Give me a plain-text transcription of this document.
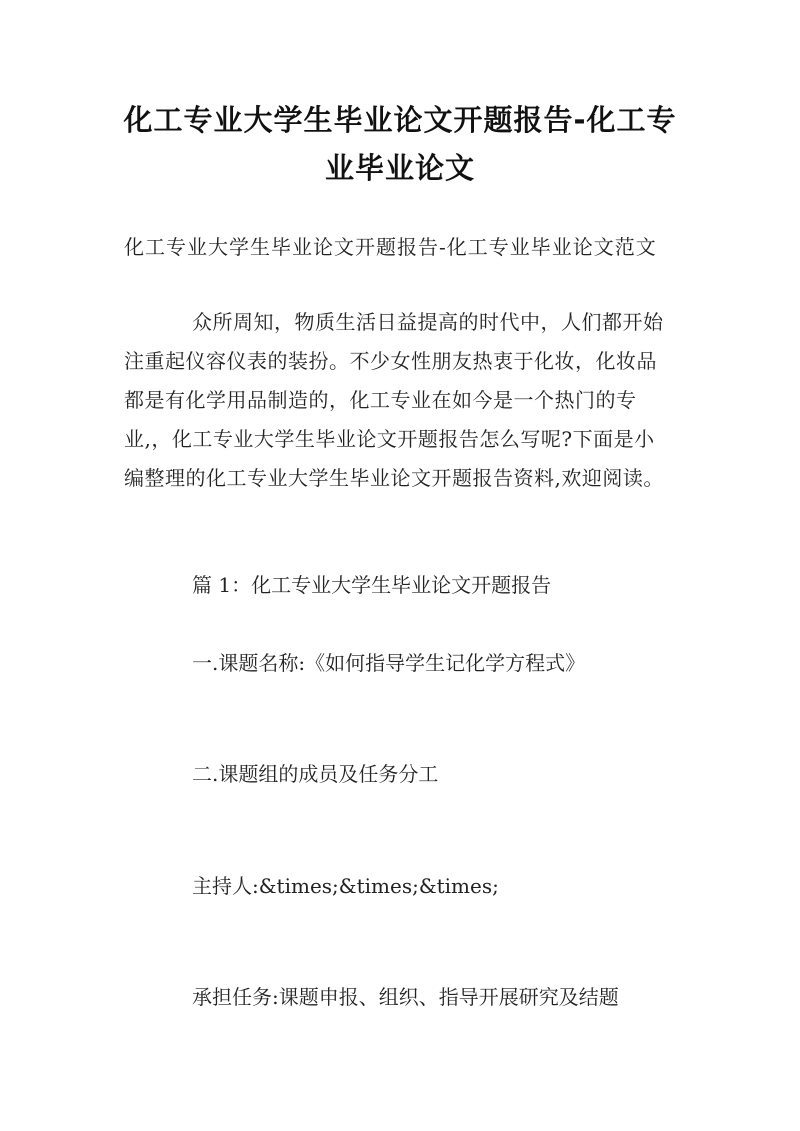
化工专业大学生毕业论文开题报告-化工专
业毕业论文

化工专业大学生毕业论文开题报告-化工专业毕业论文范文

众所周知，物质生活日益提高的时代中，人们都开始
注重起仪容仪表的装扮。不少女性朋友热衷于化妆，化妆品
都是有化学用品制造的，化工专业在如今是一个热门的专
业,，化工专业大学生毕业论文开题报告怎么写呢?下面是小
编整理的化工专业大学生毕业论文开题报告资料,欢迎阅读。

篇 1：化工专业大学生毕业论文开题报告

一.课题名称:《如何指导学生记化学方程式》

二.课题组的成员及任务分工

主持人:&times;&times;&times;

承担任务:课题申报、组织、指导开展研究及结题
